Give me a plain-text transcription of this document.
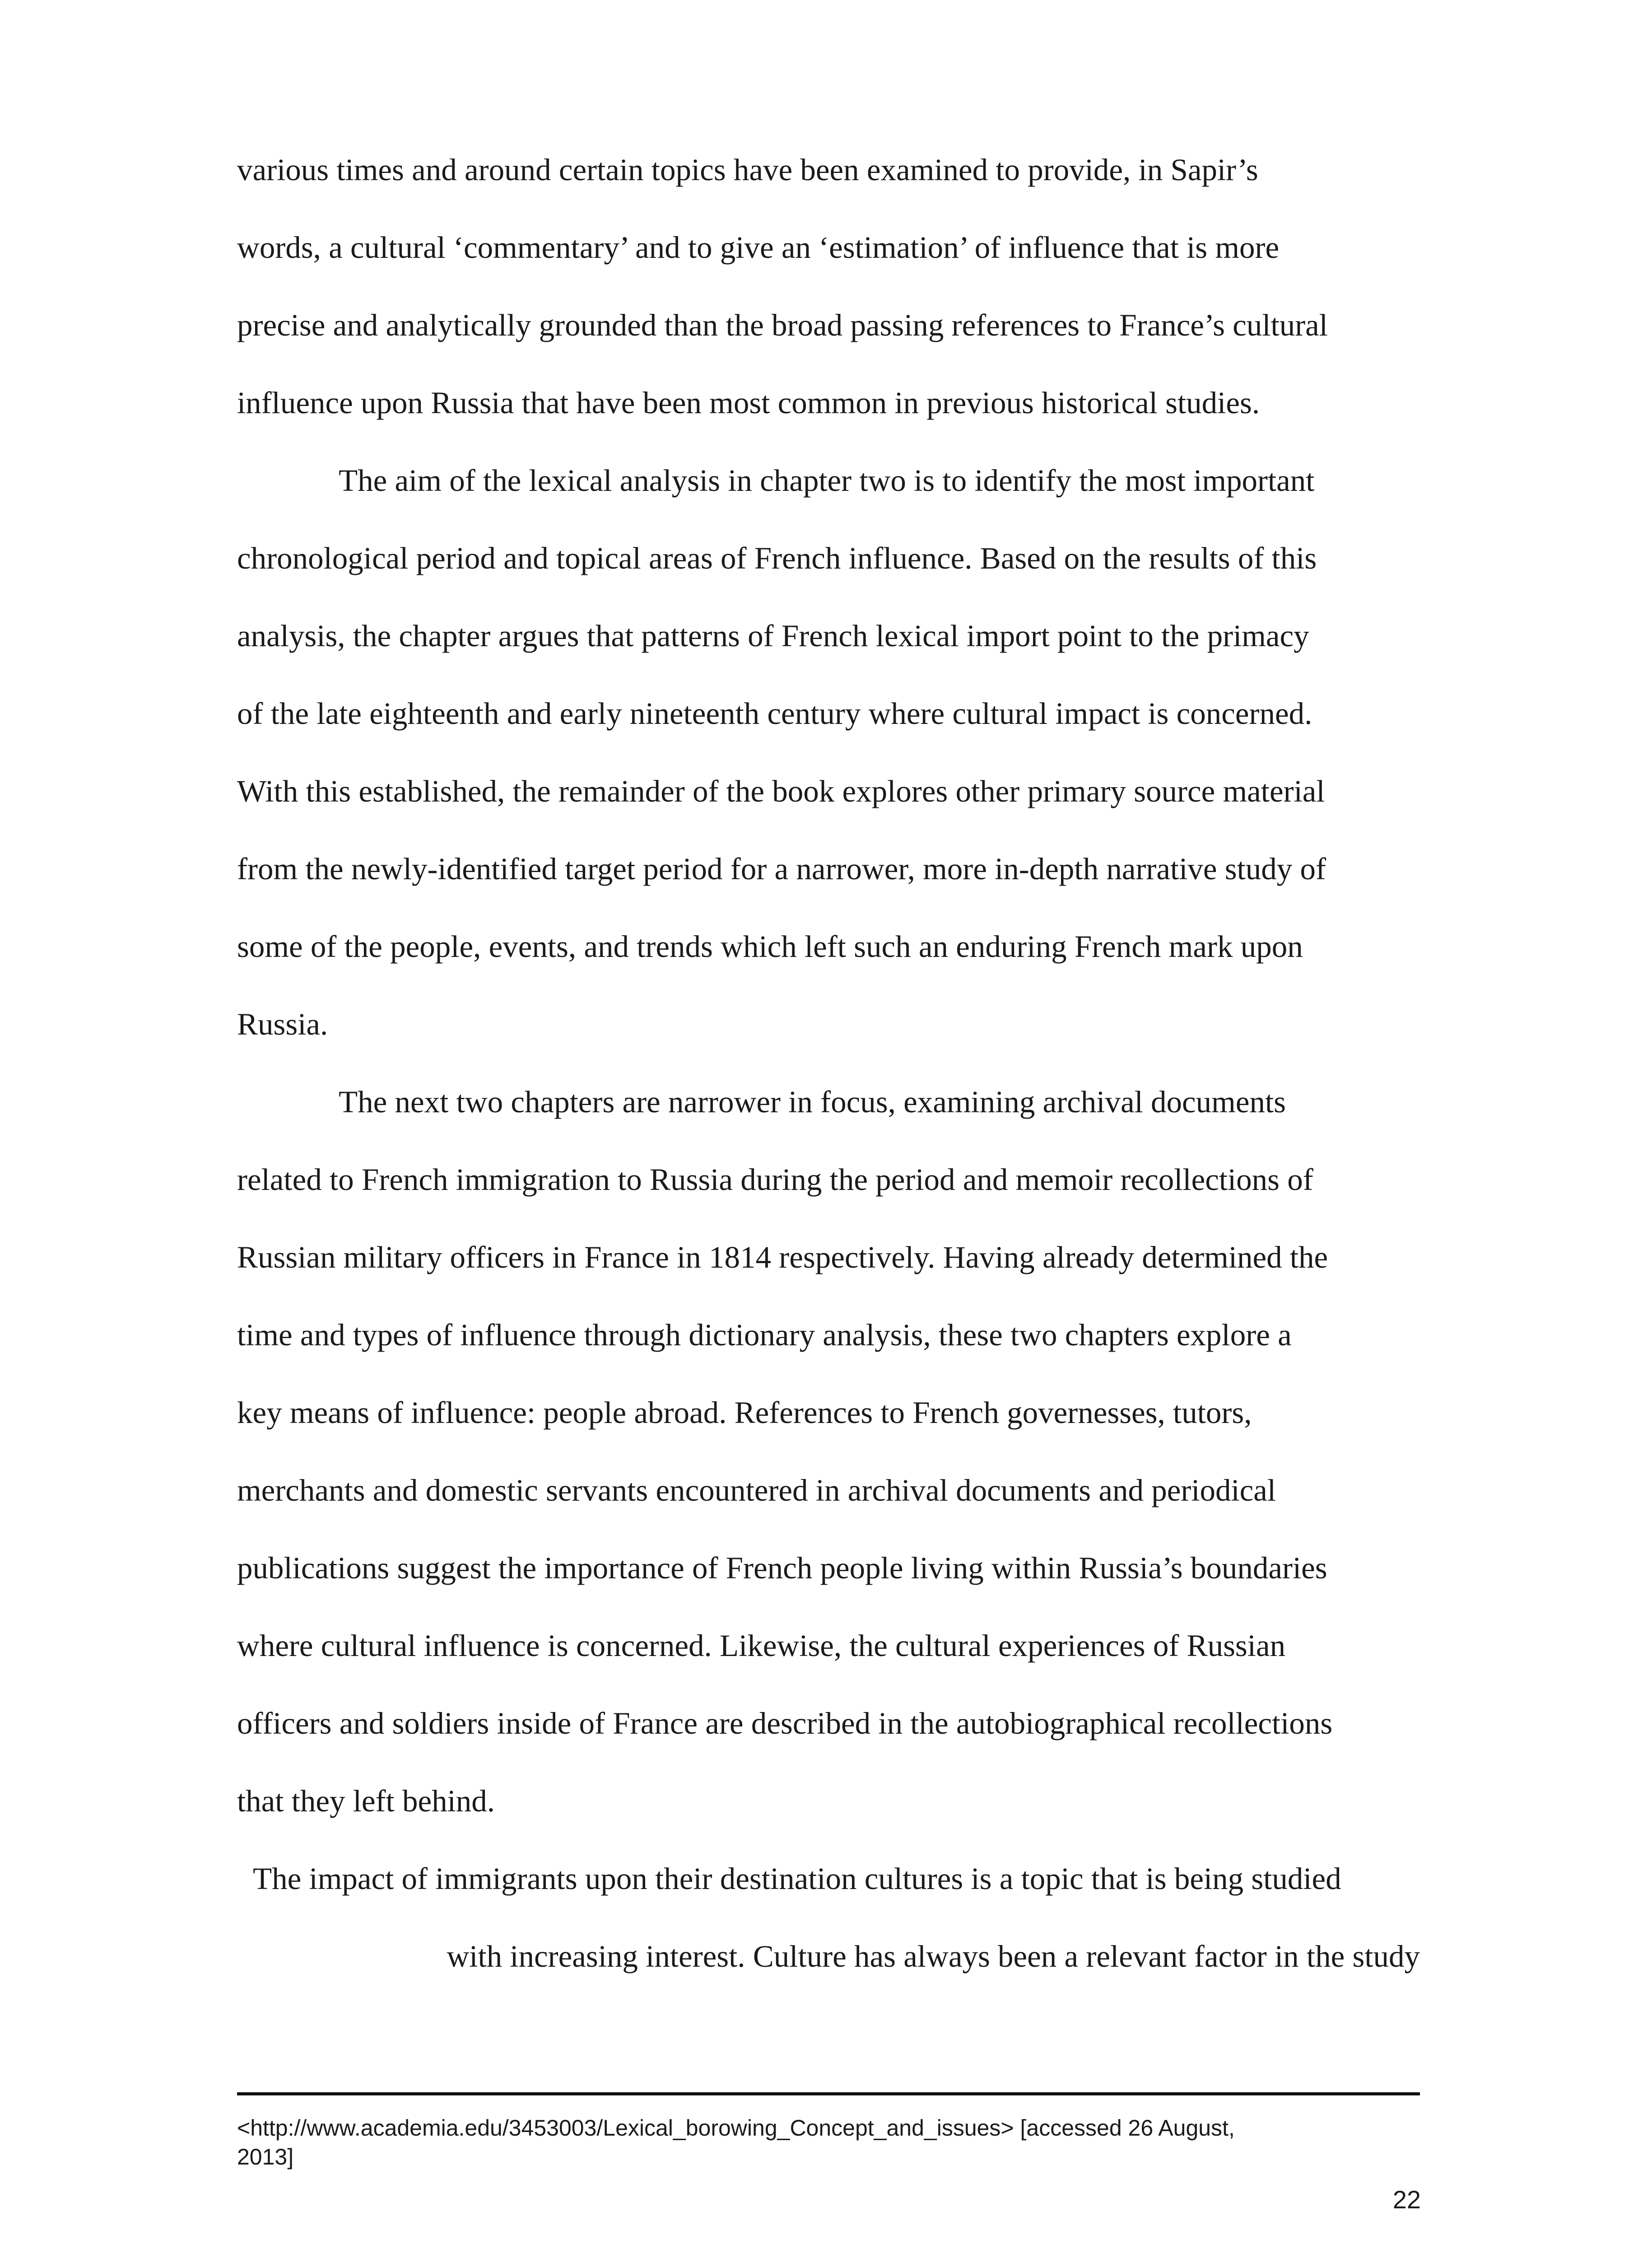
various times and around certain topics have been examined to provide, in Sapir’s
words, a cultural ‘commentary’ and to give an ‘estimation’ of influence that is more
precise and analytically grounded than the broad passing references to France’s cultural
influence upon Russia that have been most common in previous historical studies.
The aim of the lexical analysis in chapter two is to identify the most important
chronological period and topical areas of French influence. Based on the results of this
analysis, the chapter argues that patterns of French lexical import point to the primacy
of the late eighteenth and early nineteenth century where cultural impact is concerned.
With this established, the remainder of the book explores other primary source material
from the newly-identified target period for a narrower, more in-depth narrative study of
some of the people, events, and trends which left such an enduring French mark upon
Russia.
The next two chapters are narrower in focus, examining archival documents
related to French immigration to Russia during the period and memoir recollections of
Russian military officers in France in 1814 respectively. Having already determined the
time and types of influence through dictionary analysis, these two chapters explore a
key means of influence: people abroad. References to French governesses, tutors,
merchants and domestic servants encountered in archival documents and periodical
publications suggest the importance of French people living within Russia’s boundaries
where cultural influence is concerned. Likewise, the cultural experiences of Russian
officers and soldiers inside of France are described in the autobiographical recollections
that they left behind.
The impact of immigrants upon their destination cultures is a topic that is being studied
with increasing interest. Culture has always been a relevant factor in the study
<http://www.academia.edu/3453003/Lexical_borowing_Concept_and_issues> [accessed 26 August,
2013]
22
